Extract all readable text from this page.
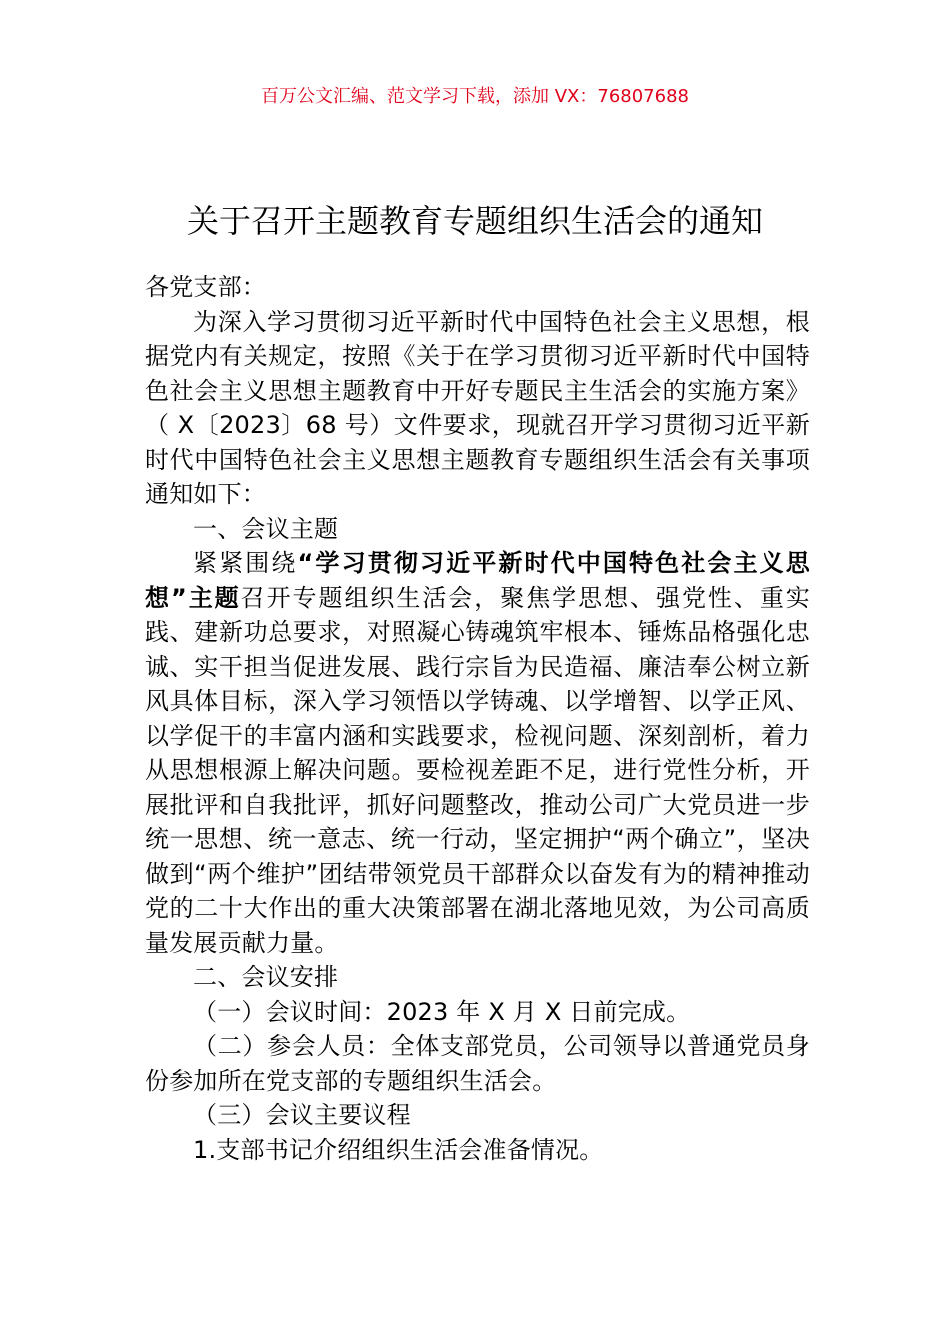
百万公文汇编、范文学习下载，添加 VX：76807688
关于召开主题教育专题组织生活会的通知

各党支部：

为深入学习贯彻习近平新时代中国特色社会主义思想，根据党内有关规定，按照《关于在学习贯彻习近平新时代中国特色社会主义思想主题教育中开好专题民主生活会的实施方案》（ X〔2023〕68 号）文件要求，现就召开学习贯彻习近平新时代中国特色社会主义思想主题教育专题组织生活会有关事项通知如下：

一、会议主题

紧紧围绕“学习贯彻习近平新时代中国特色社会主义思想”主题召开专题组织生活会，聚焦学思想、强党性、重实践、建新功总要求，对照凝心铸魂筑牢根本、锤炼品格强化忠诚、实干担当促进发展、践行宗旨为民造福、廉洁奉公树立新风具体目标，深入学习领悟以学铸魂、以学增智、以学正风、以学促干的丰富内涵和实践要求，检视问题、深刻剖析，着力从思想根源上解决问题。要检视差距不足，进行党性分析，开展批评和自我批评，抓好问题整改，推动公司广大党员进一步统一思想、统一意志、统一行动，坚定拥护“两个确立”，坚决做到“两个维护”团结带领党员干部群众以奋发有为的精神推动党的二十大作出的重大决策部署在湖北落地见效，为公司高质量发展贡献力量。

二、会议安排

（一）会议时间：2023 年 X 月 X 日前完成。

（二）参会人员：全体支部党员，公司领导以普通党员身份参加所在党支部的专题组织生活会。

（三）会议主要议程

1.支部书记介绍组织生活会准备情况。
